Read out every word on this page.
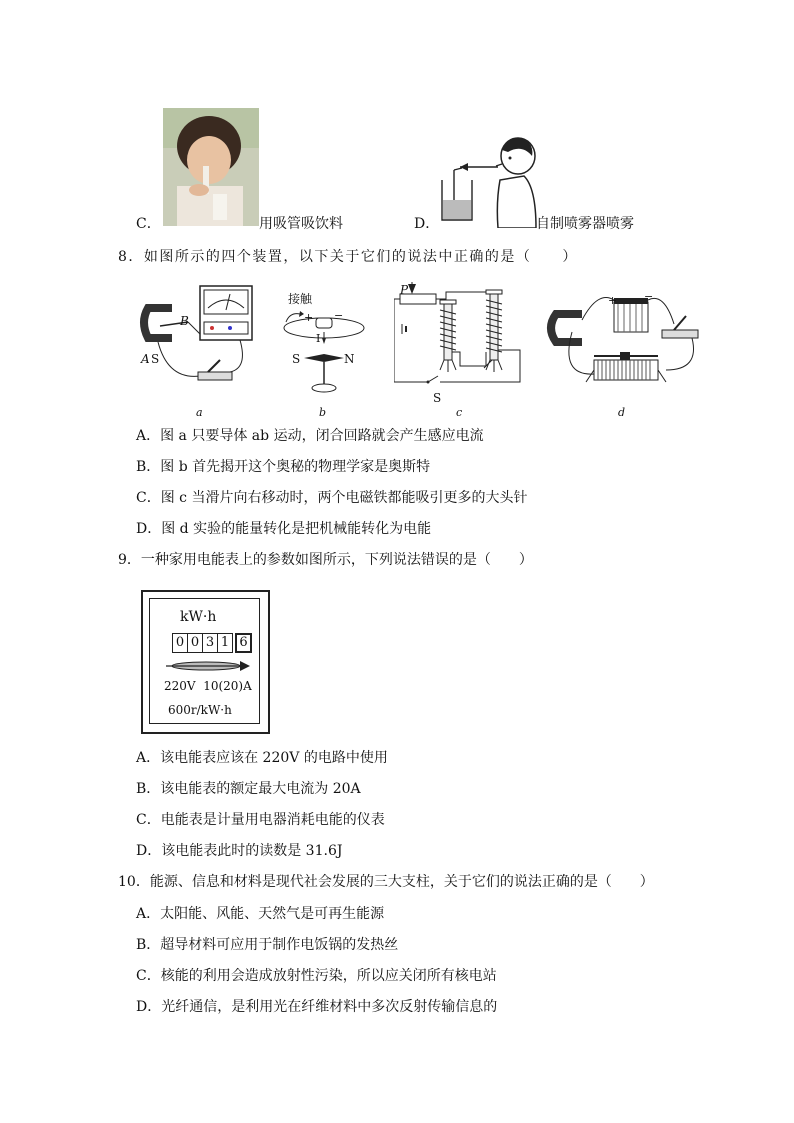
C．	用吸管吸饮料	D．	自制喷雾器喷雾
8．如图所示的四个装置，以下关于它们的说法中正确的是（　　）
B
A S
a
接触
+ −
I
S	N
b
P
S
c
+ −
d
A．图 a 只要导体 ab 运动，闭合回路就会产生感应电流
B．图 b 首先揭开这个奥秘的物理学家是奥斯特
C．图 c 当滑片向右移动时，两个电磁铁都能吸引更多的大头针
D．图 d 实验的能量转化是把机械能转化为电能
9．一种家用电能表上的参数如图所示，下列说法错误的是（　　）
kW·h
0 0 3 1 6
220V  10(20)A
600r/kW·h
A．该电能表应该在 220V 的电路中使用
B．该电能表的额定最大电流为 20A
C．电能表是计量用电器消耗电能的仪表
D．该电能表此时的读数是 31.6J
10．能源、信息和材料是现代社会发展的三大支柱，关于它们的说法正确的是（　　）
A．太阳能、风能、天然气是可再生能源
B．超导材料可应用于制作电饭锅的发热丝
C．核能的利用会造成放射性污染，所以应关闭所有核电站
D．光纤通信，是利用光在纤维材料中多次反射传输信息的
